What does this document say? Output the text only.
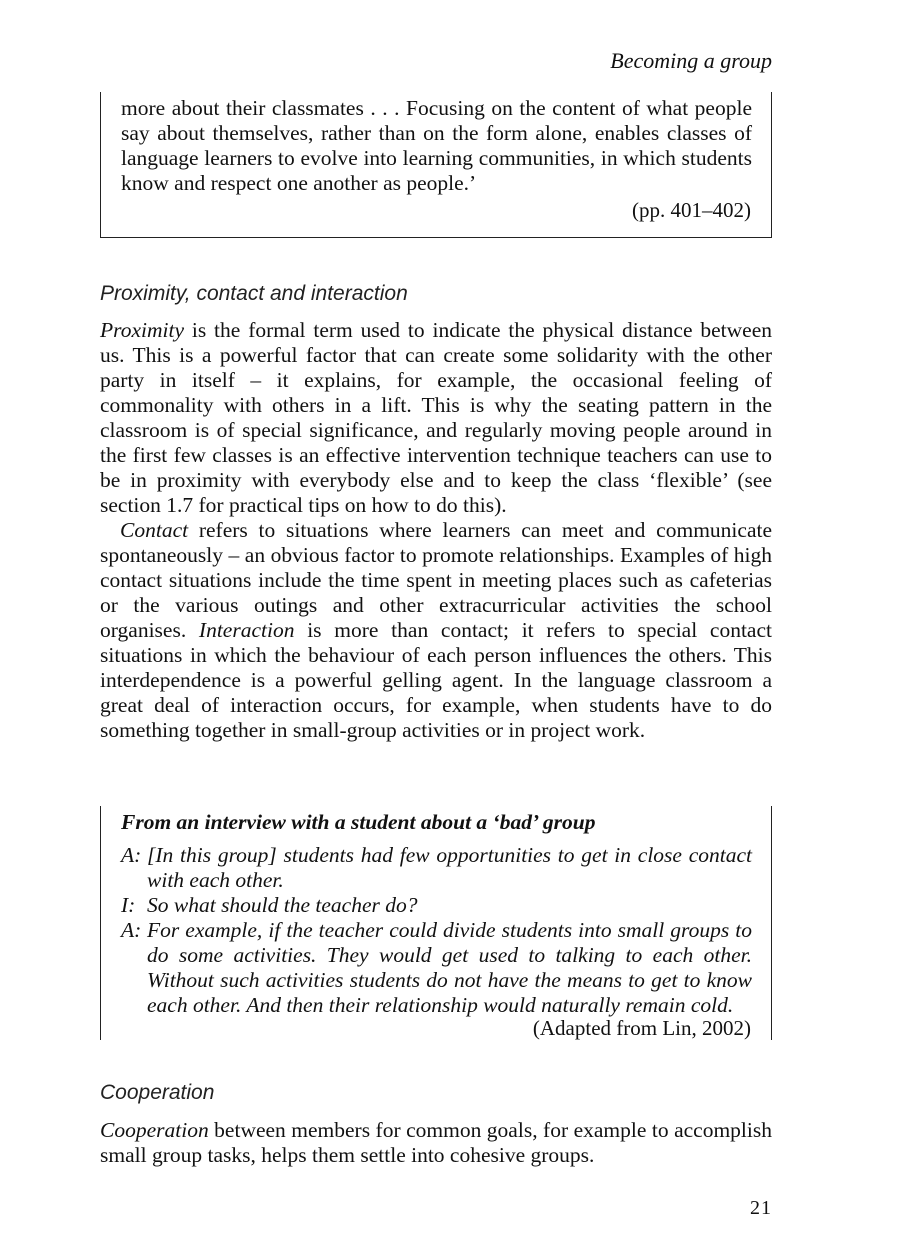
Becoming a group
more about their classmates . . . Focusing on the content of what people say about themselves, rather than on the form alone, enables classes of language learners to evolve into learning communities, in which students know and respect one another as people.’
(pp. 401–402)
Proximity, contact and interaction

Proximity is the formal term used to indicate the physical distance between us. This is a powerful factor that can create some solidarity with the other party in itself – it explains, for example, the occasional feeling of commonality with others in a lift. This is why the seating pattern in the classroom is of special significance, and regularly moving people around in the first few classes is an effective intervention technique teachers can use to be in proximity with everybody else and to keep the class ‘flexible’ (see section 1.7 for practical tips on how to do this).

Contact refers to situations where learners can meet and communicate spontaneously – an obvious factor to promote relationships. Examples of high contact situations include the time spent in meeting places such as cafeterias or the various outings and other extracurricular activities the school organises. Interaction is more than contact; it refers to special contact situations in which the behaviour of each person influences the others. This interdependence is a powerful gelling agent. In the language classroom a great deal of interaction occurs, for example, when students have to do something together in small-group activities or in project work.

From an interview with a student about a ‘bad’ group
A: [In this group] students had few opportunities to get in close contact with each other.
I: So what should the teacher do?
A: For example, if the teacher could divide students into small groups to do some activities. They would get used to talking to each other. Without such activities students do not have the means to get to know each other. And then their relationship would naturally remain cold.
(Adapted from Lin, 2002)
Cooperation

Cooperation between members for common goals, for example to accomplish small group tasks, helps them settle into cohesive groups.

21
